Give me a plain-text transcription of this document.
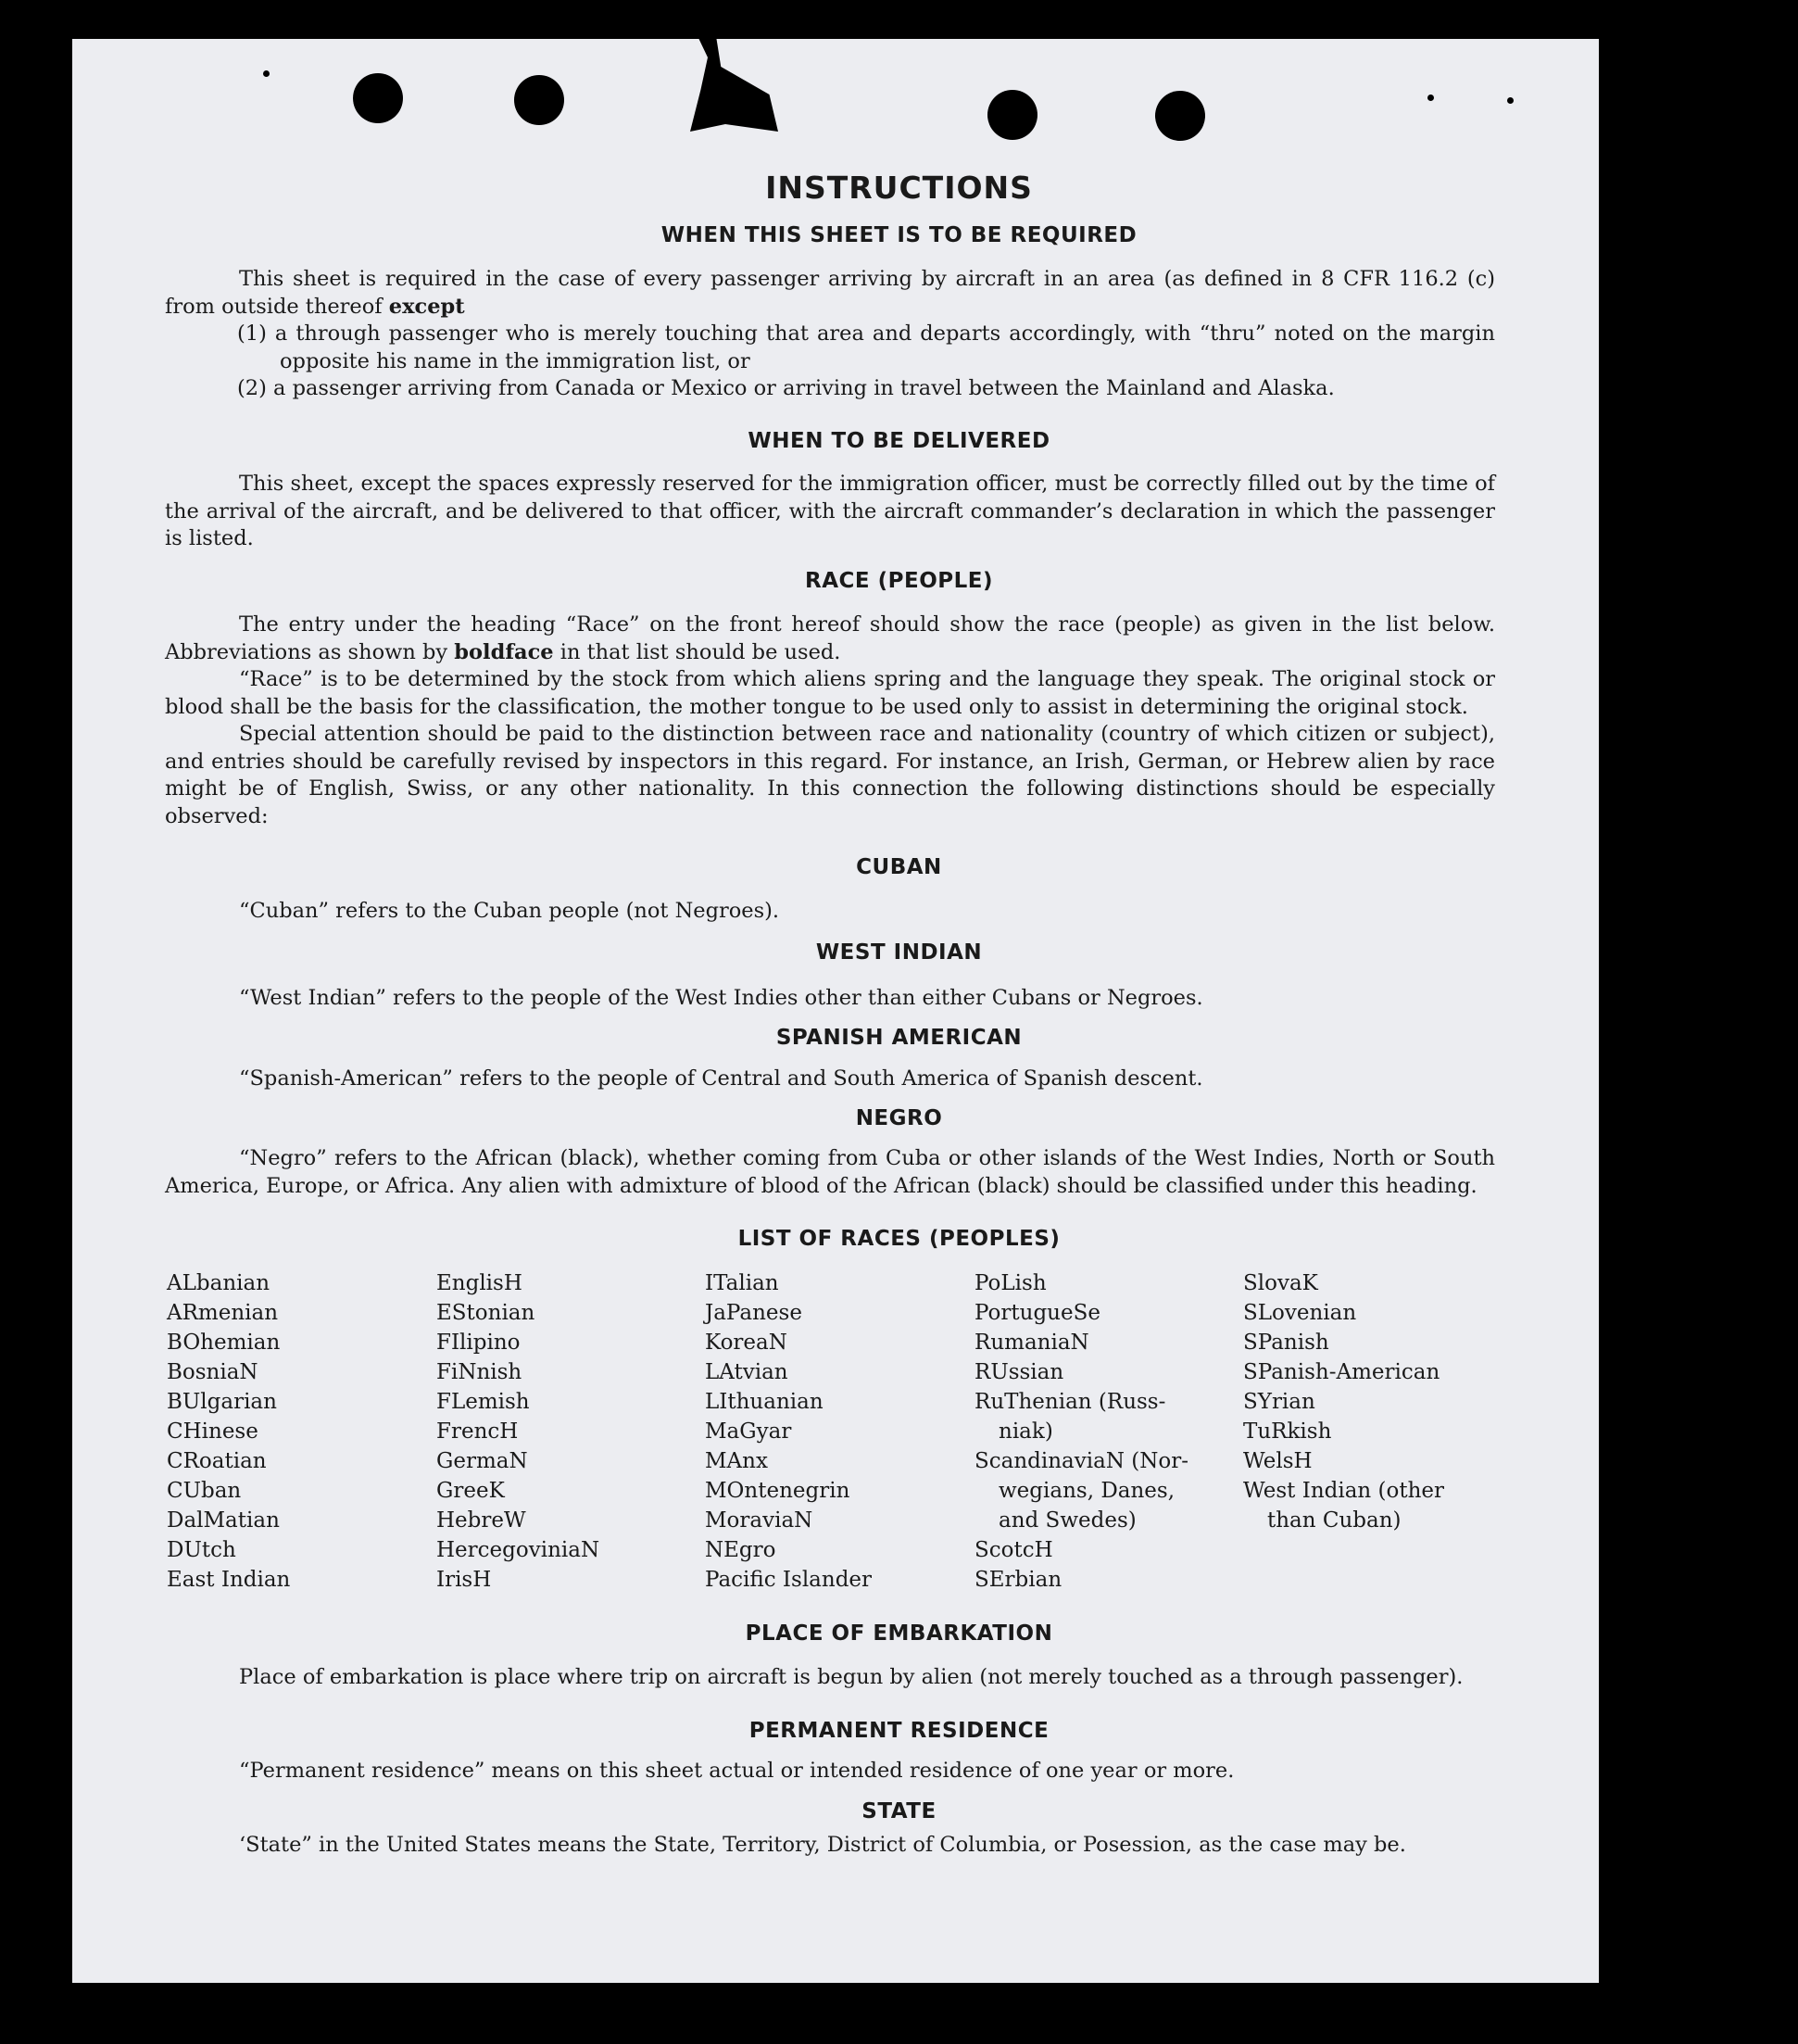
INSTRUCTIONS
WHEN THIS SHEET IS TO BE REQUIRED

This sheet is required in the case of every passenger arriving by aircraft in an area (as defined in 8 CFR 116.2 (c) from outside thereof except

(1) a through passenger who is merely touching that area and departs accordingly, with “thru” noted on the margin opposite his name in the immigration list, or

(2) a passenger arriving from Canada or Mexico or arriving in travel between the Mainland and Alaska.

WHEN TO BE DELIVERED
This sheet, except the spaces expressly reserved for the immigration officer, must be correctly filled out by the time of the arrival of the aircraft, and be delivered to that officer, with the aircraft commander’s declaration in which the passenger is listed.
RACE (PEOPLE)

The entry under the heading “Race” on the front hereof should show the race (people) as given in the list below. Abbreviations as shown by boldface in that list should be used.

“Race” is to be determined by the stock from which aliens spring and the language they speak. The original stock or blood shall be the basis for the classification, the mother tongue to be used only to assist in determining the original stock.

Special attention should be paid to the distinction between race and nationality (country of which citizen or subject), and entries should be carefully revised by inspectors in this regard. For instance, an Irish, German, or Hebrew alien by race might be of English, Swiss, or any other nationality. In this connection the following distinctions should be especially observed:

CUBAN
“Cuban” refers to the Cuban people (not Negroes).
WEST INDIAN
“West Indian” refers to the people of the West Indies other than either Cubans or Negroes.
SPANISH AMERICAN
“Spanish-American” refers to the people of Central and South America of Spanish descent.
NEGRO
“Negro” refers to the African (black), whether coming from Cuba or other islands of the West Indies, North or South America, Europe, or Africa. Any alien with admixture of blood of the African (black) should be classified under this heading.
LIST OF RACES (PEOPLES)
ALbanian
ARmenian
BOhemian
BosniaN
BUlgarian
CHinese
CRoatian
CUban
DalMatian
DUtch
East Indian
EnglisH
EStonian
FIlipino
FiNnish
FLemish
FrencH
GermaN
GreeK
HebreW
HercegoviniaN
IrisH
ITalian
JaPanese
KoreaN
LAtvian
LIthuanian
MaGyar
MAnx
MOntenegrin
MoraviaN
NEgro
Pacific Islander
PoLish
PortugueSe
RumaniaN
RUssian
RuThenian (Russ-
niak)
ScandinaviaN (Nor-
wegians, Danes,
and Swedes)
ScotcH
SErbian
SlovaK
SLovenian
SPanish
SPanish-American
SYrian
TuRkish
WelsH
West Indian (other
than Cuban)
PLACE OF EMBARKATION
Place of embarkation is place where trip on aircraft is begun by alien (not merely touched as a through passenger).
PERMANENT RESIDENCE
“Permanent residence” means on this sheet actual or intended residence of one year or more.
STATE
‘State” in the United States means the State, Territory, District of Columbia, or Posession, as the case may be.
